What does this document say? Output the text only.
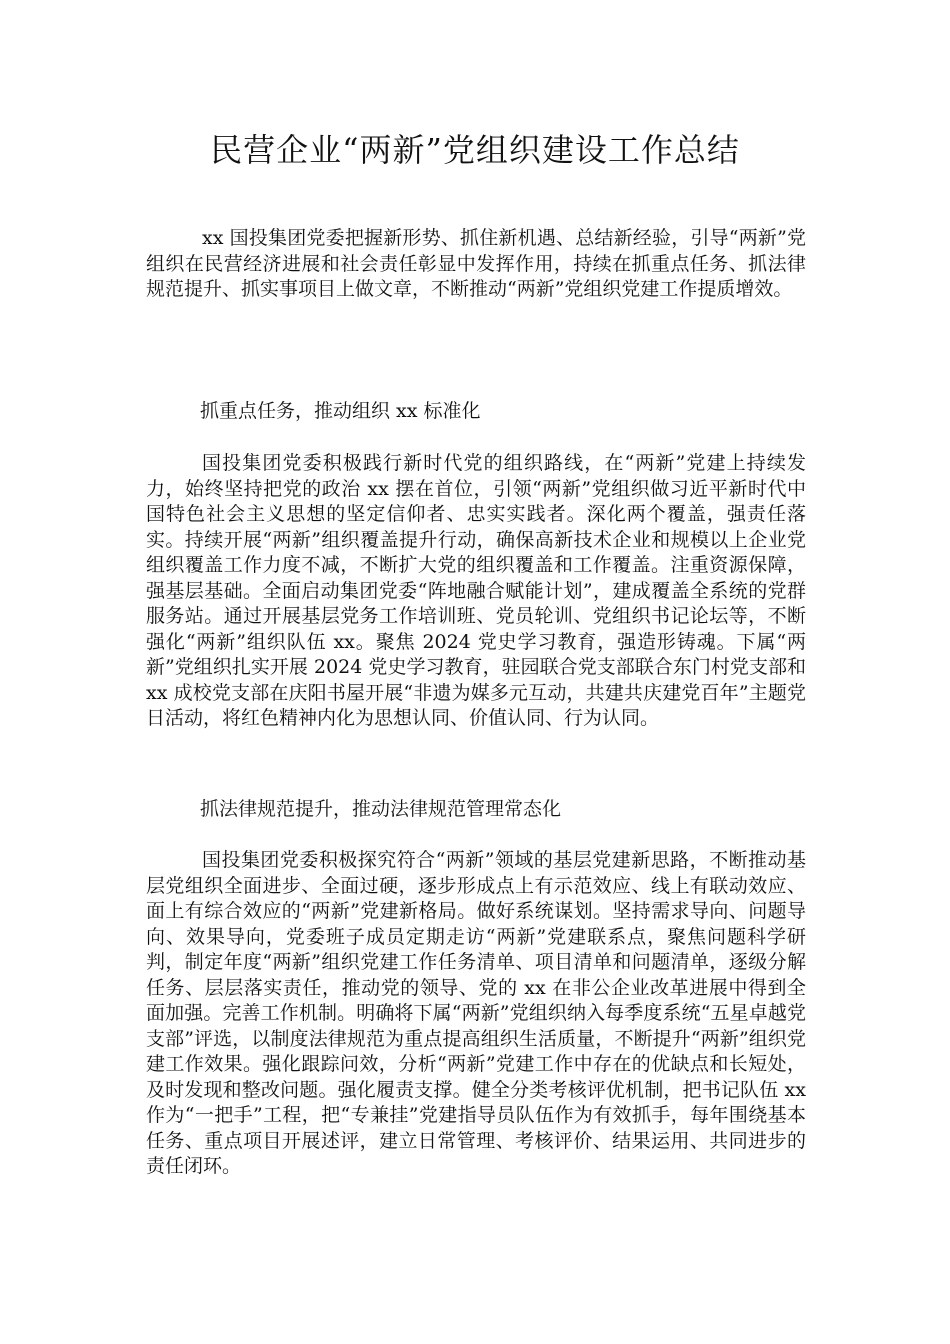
民营企业“两新”党组织建设工作总结

xx 国投集团党委把握新形势、抓住新机遇、总结新经验，引导“两新”党组织在民营经济进展和社会责任彰显中发挥作用，持续在抓重点任务、抓法律规范提升、抓实事项目上做文章，不断推动“两新”党组织党建工作提质增效。

抓重点任务，推动组织 xx 标准化

国投集团党委积极践行新时代党的组织路线，在“两新”党建上持续发力，始终坚持把党的政治 xx 摆在首位，引领“两新”党组织做习近平新时代中国特色社会主义思想的坚定信仰者、忠实实践者。深化两个覆盖，强责任落实。持续开展“两新”组织覆盖提升行动，确保高新技术企业和规模以上企业党组织覆盖工作力度不减，不断扩大党的组织覆盖和工作覆盖。注重资源保障，强基层基础。全面启动集团党委“阵地融合赋能计划”，建成覆盖全系统的党群服务站。通过开展基层党务工作培训班、党员轮训、党组织书记论坛等，不断强化“两新”组织队伍 xx。聚焦 2024 党史学习教育，强造形铸魂。下属“两新”党组织扎实开展 2024 党史学习教育，驻园联合党支部联合东门村党支部和 xx 成校党支部在庆阳书屋开展“非遗为媒多元互动，共建共庆建党百年”主题党日活动，将红色精神内化为思想认同、价值认同、行为认同。

抓法律规范提升，推动法律规范管理常态化

国投集团党委积极探究符合“两新”领域的基层党建新思路，不断推动基层党组织全面进步、全面过硬，逐步形成点上有示范效应、线上有联动效应、面上有综合效应的“两新”党建新格局。做好系统谋划。坚持需求导向、问题导向、效果导向，党委班子成员定期走访“两新”党建联系点，聚焦问题科学研判，制定年度“两新”组织党建工作任务清单、项目清单和问题清单，逐级分解任务、层层落实责任，推动党的领导、党的 xx 在非公企业改革进展中得到全面加强。完善工作机制。明确将下属“两新”党组织纳入每季度系统“五星卓越党支部”评选，以制度法律规范为重点提高组织生活质量，不断提升“两新”组织党建工作效果。强化跟踪问效，分析“两新”党建工作中存在的优缺点和长短处，及时发现和整改问题。强化履责支撑。健全分类考核评优机制，把书记队伍 xx 作为“一把手”工程，把“专兼挂”党建指导员队伍作为有效抓手，每年围绕基本任务、重点项目开展述评，建立日常管理、考核评价、结果运用、共同进步的责任闭环。
